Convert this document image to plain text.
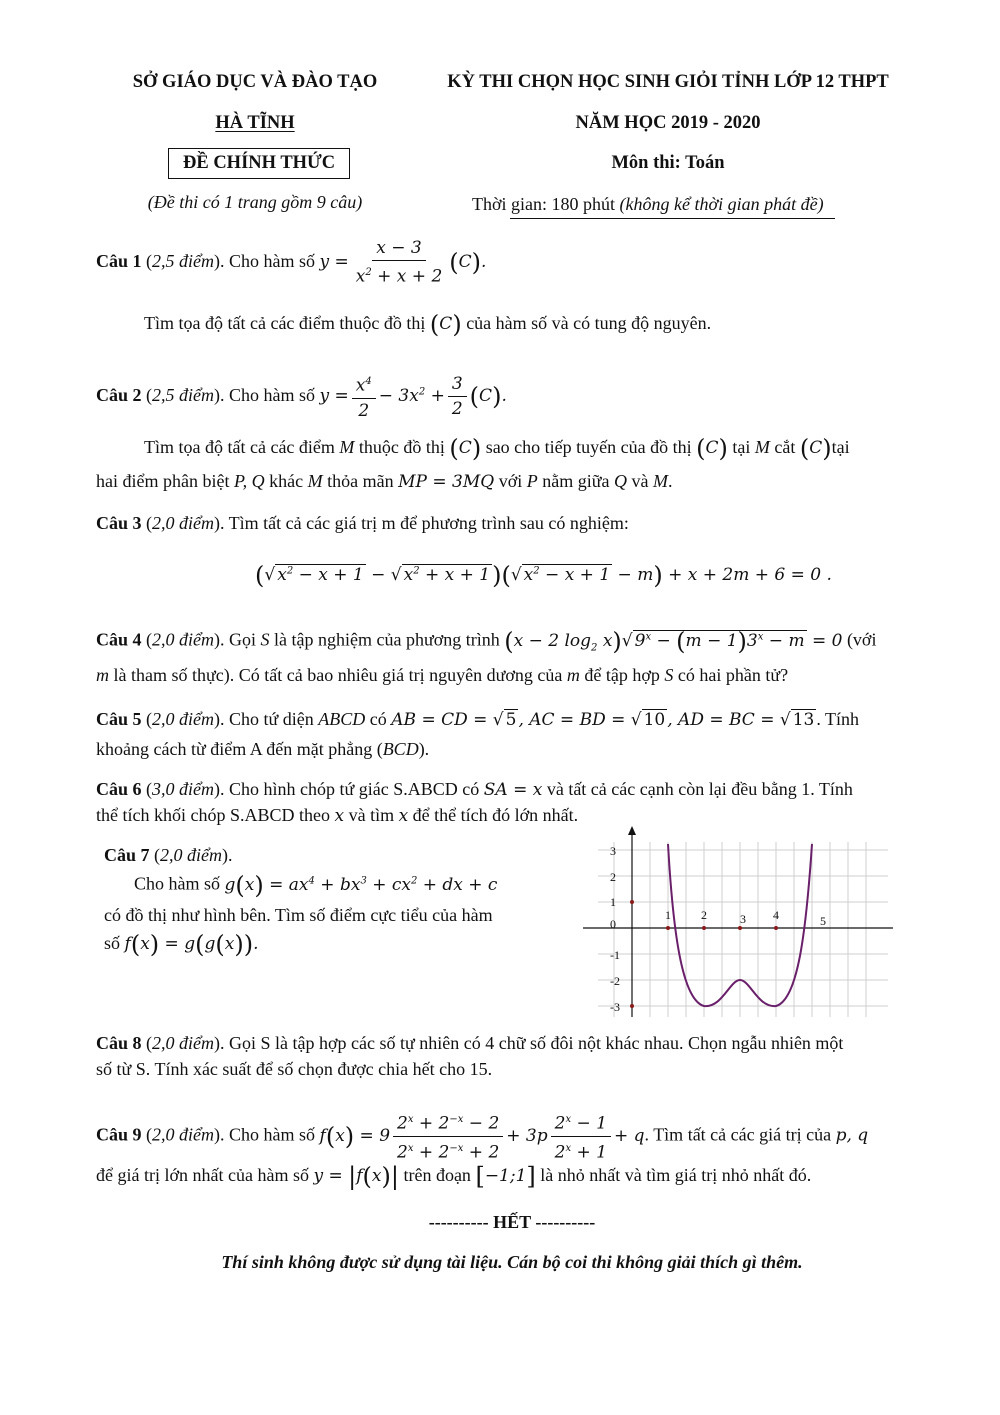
SỞ GIÁO DỤC VÀ ĐÀO TẠO
HÀ TĨNH
ĐỀ CHÍNH THỨC
(Đề thi có 1 trang gồm 9 câu)
KỲ THI CHỌN HỌC SINH GIỎI TỈNH LỚP 12 THPT
NĂM HỌC 2019 - 2020
Môn thi: Toán
Thời gian: 180 phút (không kể thời gian phát đề)
Câu 1 (2,5 điểm). Cho hàm số $y = \frac{x - 3}{x^2 + x + 2} (C)$.
Tìm tọa độ tất cả các điểm thuộc đồ thị (C) của hàm số và có tung độ nguyên.
Câu 2 (2,5 điểm). Cho hàm số $y = \frac{x^4}{2} - 3x^2 + \frac{3}{2} (C)$.
Tìm tọa độ tất cả các điểm M thuộc đồ thị (C) sao cho tiếp tuyến của đồ thị (C) tại M cắt (C)tại
hai điểm phân biệt P, Q khác M thỏa mãn MP = 3MQ với P nằm giữa Q và M.
Câu 3 (2,0 điểm). Tìm tất cả các giá trị m để phương trình sau có nghiệm:
(√ $x^2 - x + 1$ − √ $x^2 + x + 1)(√$ $x^2 - x + 1 - m) + x + 2m + 6 = 0$ .
Câu 4 (2,0 điểm). Gọi S là tập nghiệm của phương trình (x − 2 $\log_2 x)√$ $9^x - (m - 1)3^x - m = 0$ (với
m là tham số thực). Có tất cả bao nhiêu giá trị nguyên dương của m để tập hợp S có hai phần tử?
Câu 5 (2,0 điểm). Cho tứ diện ABCD có AB = CD = √ 5 , AC = BD = √ 10 , AD = BC = √ 13 . Tính
khoảng cách từ điểm A đến mặt phẳng (BCD).
Câu 6 (3,0 điểm). Cho hình chóp tứ giác S.ABCD có SA = x và tất cả các cạnh còn lại đều bằng 1. Tính
thể tích khối chóp S.ABCD theo x và tìm x để thể tích đó lớn nhất.
Câu 7 (2,0 điểm).
Cho hàm số $g(x) = ax^4 + bx^3 + cx^2$ + dx + c
có đồ thị như hình bên. Tìm số điểm cực tiểu của hàm
số f(x) = g(g(x)).
3
2
1
0
-1
-2
-3
1	2	3 4	5
Câu 8 (2,0 điểm). Gọi S là tập hợp các số tự nhiên có 4 chữ số đôi nột khác nhau. Chọn ngẫu nhiên một
số từ S. Tính xác suất để số chọn được chia hết cho 15.
Câu 9 (2,0 điểm). Cho hàm số $f(x) = 9 \frac{2^x + 2^{-x} - 2}{2^x + 2^{-x} + 2} + 3p \frac{2^x - 1}{2^x + 1} + q$. Tìm tất cả các giá trị của p, q
để giá trị lớn nhất của hàm số y = |f(x)| trên đoạn [−1;1] là nhỏ nhất và tìm giá trị nhỏ nhất đó.
---------- HẾT ----------
Thí sinh không được sử dụng tài liệu. Cán bộ coi thi không giải thích gì thêm.
